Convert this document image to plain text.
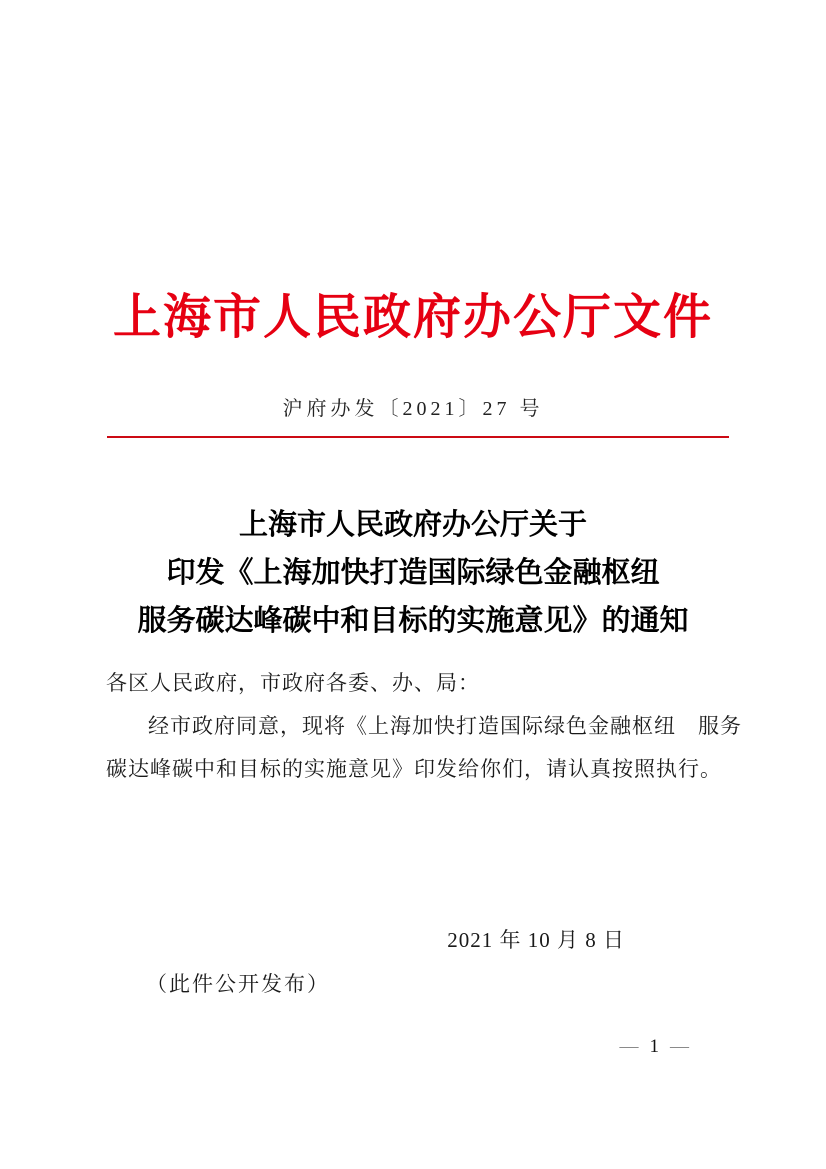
上海市人民政府办公厅文件
沪府办发〔2021〕27 号
上海市人民政府办公厅关于
印发《上海加快打造国际绿色金融枢纽
服务碳达峰碳中和目标的实施意见》的通知

各区人民政府，市政府各委、办、局：

经市政府同意，现将《上海加快打造国际绿色金融枢纽　服务

碳达峰碳中和目标的实施意见》印发给你们，请认真按照执行。

2021 年 10 月 8 日
（此件公开发布）
— 1 —
